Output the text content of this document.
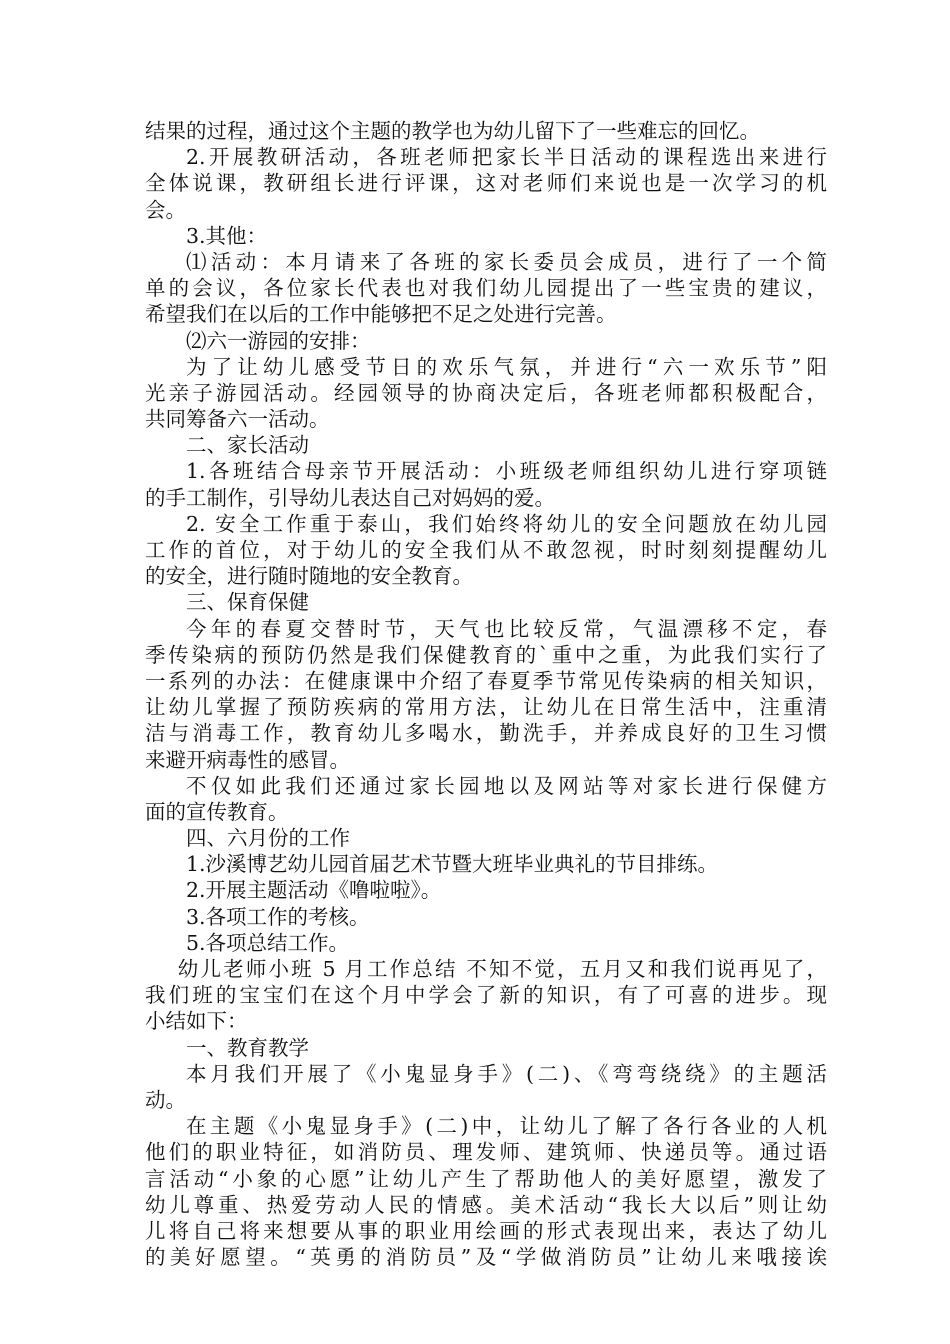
结果的过程，通过这个主题的教学也为幼儿留下了一些难忘的回忆。
2.开展教研活动，各班老师把家长半日活动的课程选出来进行
全体说课，教研组长进行评课，这对老师们来说也是一次学习的机
会。
3.其他：
⑴活动：本月请来了各班的家长委员会成员，进行了一个简
单的会议，各位家长代表也对我们幼儿园提出了一些宝贵的建议，
希望我们在以后的工作中能够把不足之处进行完善。
⑵六一游园的安排：
为了让幼儿感受节日的欢乐气氛，并进行“六一欢乐节”阳
光亲子游园活动。经园领导的协商决定后，各班老师都积极配合，
共同筹备六一活动。
二、家长活动
1.各班结合母亲节开展活动：小班级老师组织幼儿进行穿项链
的手工制作，引导幼儿表达自己对妈妈的爱。
2. 安全工作重于泰山，我们始终将幼儿的安全问题放在幼儿园
工作的首位，对于幼儿的安全我们从不敢忽视，时时刻刻提醒幼儿
的安全，进行随时随地的安全教育。
三、保育保健
今年的春夏交替时节，天气也比较反常，气温漂移不定，春
季传染病的预防仍然是我们保健教育的`重中之重，为此我们实行了
一系列的办法：在健康课中介绍了春夏季节常见传染病的相关知识，
让幼儿掌握了预防疾病的常用方法，让幼儿在日常生活中，注重清
洁与消毒工作，教育幼儿多喝水，勤洗手，并养成良好的卫生习惯
来避开病毒性的感冒。
不仅如此我们还通过家长园地以及网站等对家长进行保健方
面的宣传教育。
四、六月份的工作
1.沙溪博艺幼儿园首届艺术节暨大班毕业典礼的节目排练。
2.开展主题活动《噜啦啦》。
3.各项工作的考核。
5.各项总结工作。
幼儿老师小班 5 月工作总结 不知不觉，五月又和我们说再见了，
我们班的宝宝们在这个月中学会了新的知识，有了可喜的进步。现
小结如下：
一、教育教学
本月我们开展了《小鬼显身手》(二)、《弯弯绕绕》的主题活
动。
在主题《小鬼显身手》(二)中，让幼儿了解了各行各业的人机
他们的职业特征，如消防员、理发师、建筑师、快递员等。通过语
言活动“小象的心愿”让幼儿产生了帮助他人的美好愿望，激发了
幼儿尊重、热爱劳动人民的情感。美术活动“我长大以后”则让幼
儿将自己将来想要从事的职业用绘画的形式表现出来，表达了幼儿
的美好愿望。“英勇的消防员”及“学做消防员”让幼儿来哦接诶
